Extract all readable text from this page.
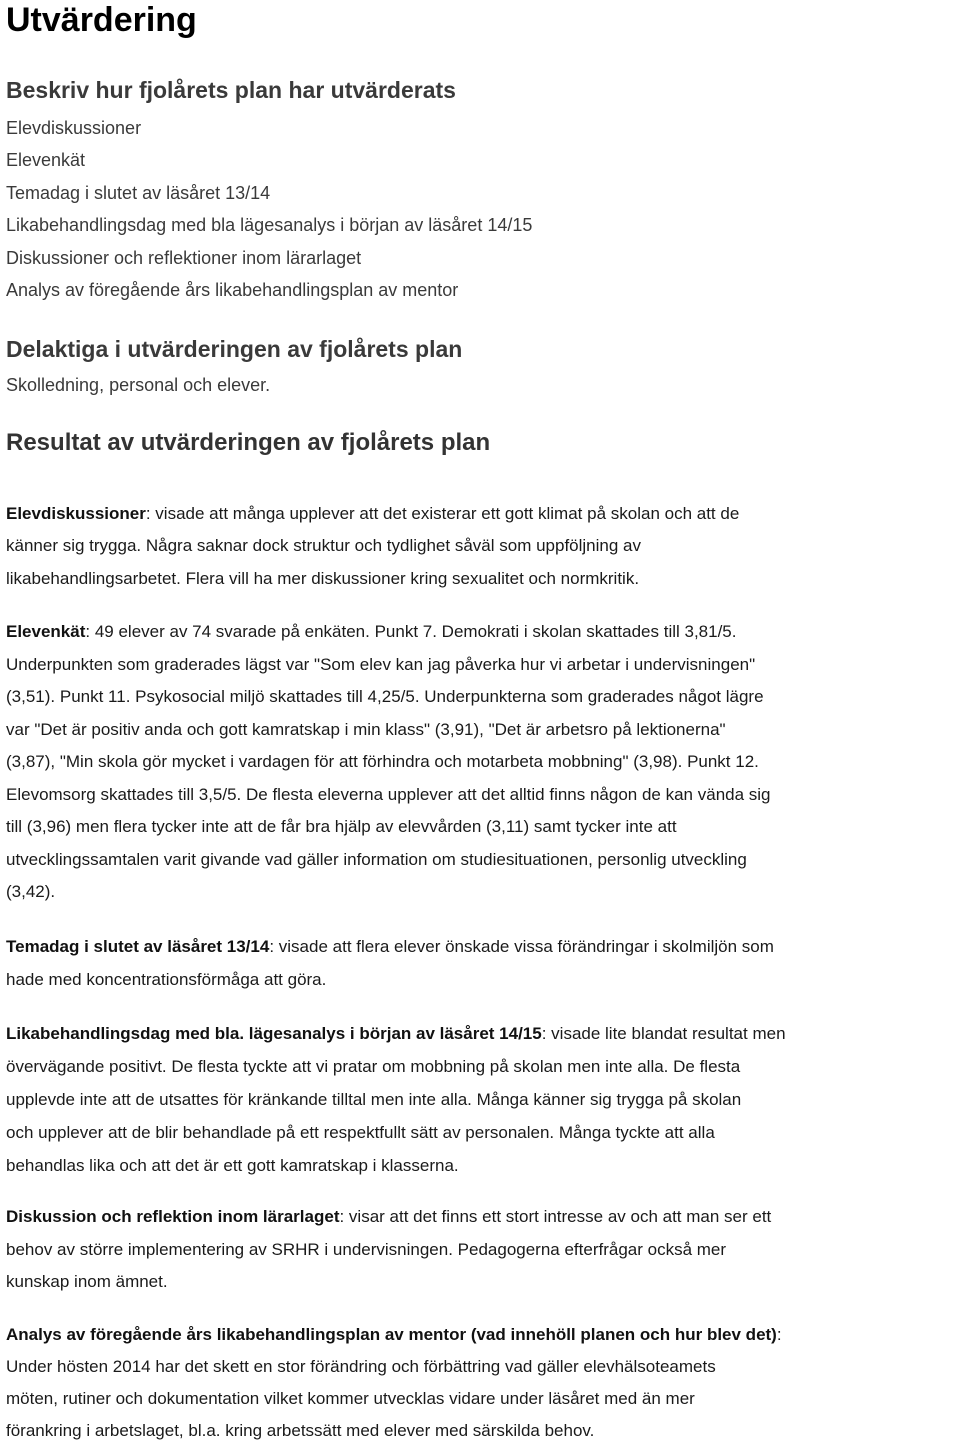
Utvärdering
Beskriv hur fjolårets plan har utvärderats
Elevdiskussioner
Elevenkät
Temadag i slutet av läsåret 13/14
Likabehandlingsdag med bla lägesanalys i början av läsåret 14/15
Diskussioner och reflektioner inom lärarlaget
Analys av föregående års likabehandlingsplan av mentor
Delaktiga i utvärderingen av fjolårets plan

Skolledning, personal och elever.

Resultat av utvärderingen av fjolårets plan
Elevdiskussioner: visade att många upplever att det existerar ett gott klimat på skolan och att de
känner sig trygga. Några saknar dock struktur och tydlighet såväl som uppföljning av
likabehandlingsarbetet. Flera vill ha mer diskussioner kring sexualitet och normkritik.
Elevenkät: 49 elever av 74 svarade på enkäten. Punkt 7. Demokrati i skolan skattades till 3,81/5.
Underpunkten som graderades lägst var "Som elev kan jag påverka hur vi arbetar i undervisningen"
(3,51). Punkt 11. Psykosocial miljö skattades till 4,25/5. Underpunkterna som graderades något lägre
var "Det är positiv anda och gott kamratskap i min klass" (3,91), "Det är arbetsro på lektionerna"
(3,87), "Min skola gör mycket i vardagen för att förhindra och motarbeta mobbning" (3,98). Punkt 12.
Elevomsorg skattades till 3,5/5. De flesta eleverna upplever att det alltid finns någon de kan vända sig
till (3,96) men flera tycker inte att de får bra hjälp av elevvården (3,11) samt tycker inte att
utvecklingssamtalen varit givande vad gäller information om studiesituationen, personlig utveckling
(3,42).
Temadag i slutet av läsåret 13/14: visade att flera elever önskade vissa förändringar i skolmiljön som
hade med koncentrationsförmåga att göra.
Likabehandlingsdag med bla. lägesanalys i början av läsåret 14/15: visade lite blandat resultat men
övervägande positivt. De flesta tyckte att vi pratar om mobbning på skolan men inte alla. De flesta
upplevde inte att de utsattes för kränkande tilltal men inte alla. Många känner sig trygga på skolan
och upplever att de blir behandlade på ett respektfullt sätt av personalen. Många tyckte att alla
behandlas lika och att det är ett gott kamratskap i klasserna.
Diskussion och reflektion inom lärarlaget: visar att det finns ett stort intresse av och att man ser ett
behov av större implementering av SRHR i undervisningen. Pedagogerna efterfrågar också mer
kunskap inom ämnet.
Analys av föregående års likabehandlingsplan av mentor (vad innehöll planen och hur blev det):
Under hösten 2014 har det skett en stor förändring och förbättring vad gäller elevhälsoteamets
möten, rutiner och dokumentation vilket kommer utvecklas vidare under läsåret med än mer
förankring i arbetslaget, bl.a. kring arbetssätt med elever med särskilda behov.
